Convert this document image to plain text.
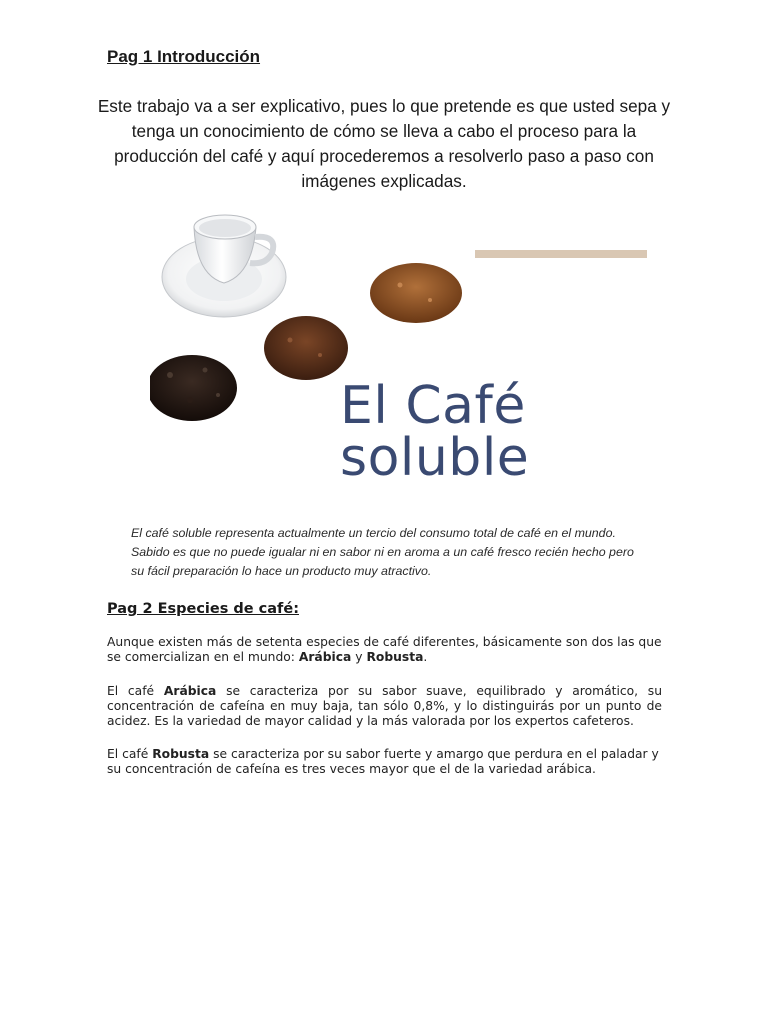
Pag 1 Introducción
Este trabajo va a ser explicativo, pues lo que pretende es que usted sepa y tenga un conocimiento de cómo se lleva a cabo el proceso para la producción del café y aquí procederemos a resolverlo paso a paso con imágenes explicadas.
El Café
soluble
El café soluble representa actualmente un tercio del consumo total de café en el mundo. Sabido es que no puede igualar ni en sabor ni en aroma a un café fresco recién hecho pero su fácil preparación lo hace un producto muy atractivo.
Pag 2 Especies de café:
Aunque existen más de setenta especies de café diferentes, básicamente son dos las que se comercializan en el mundo: Arábica y Robusta.
El café Arábica se caracteriza por su sabor suave, equilibrado y aromático, su concentración de cafeína en muy baja, tan sólo 0,8%, y lo distinguirás por un punto de acidez. Es la variedad de mayor calidad y la más valorada por los expertos cafeteros.
El café Robusta se caracteriza por su sabor fuerte y amargo que perdura en el paladar y su concentración de cafeína es tres veces mayor que el de la variedad arábica.
